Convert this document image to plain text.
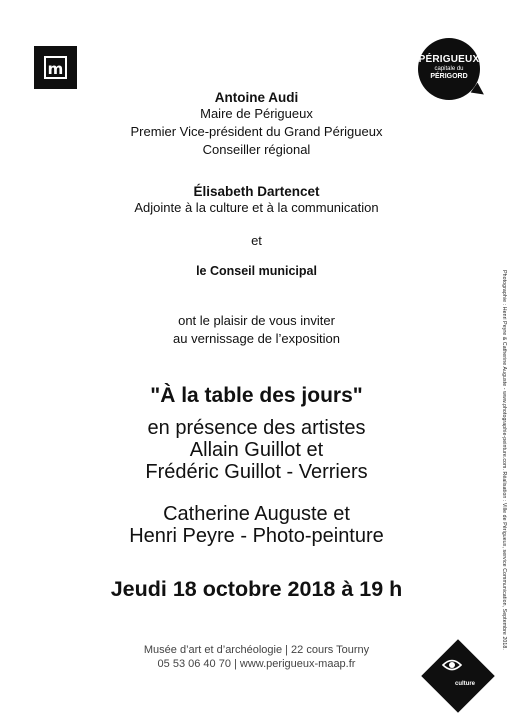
m
PÉRIGUEUX
capitale du
PÉRIGORD
Antoine Audi
Maire de Périgueux
Premier Vice-président du Grand Périgueux
Conseiller régional
Élisabeth Dartencet
Adjointe à la culture et à la communication
et
le Conseil municipal
ont le plaisir de vous inviter
au vernissage de l’exposition
"À la table des jours"
en présence des artistes
Allain Guillot et
Frédéric Guillot - Verriers
Catherine Auguste et
Henri Peyre - Photo-peinture
Jeudi 18 octobre 2018 à 19 h
Musée d’art et d’archéologie | 22 cours Tourny
05 53 06 40 70 | www.perigueux-maap.fr
Photographie : Henri Peyre & Catherine Auguste - www.photographie-peinture.com. Réalisation : Ville de Périgueux, service Communication, Septembre 2018.
culture
